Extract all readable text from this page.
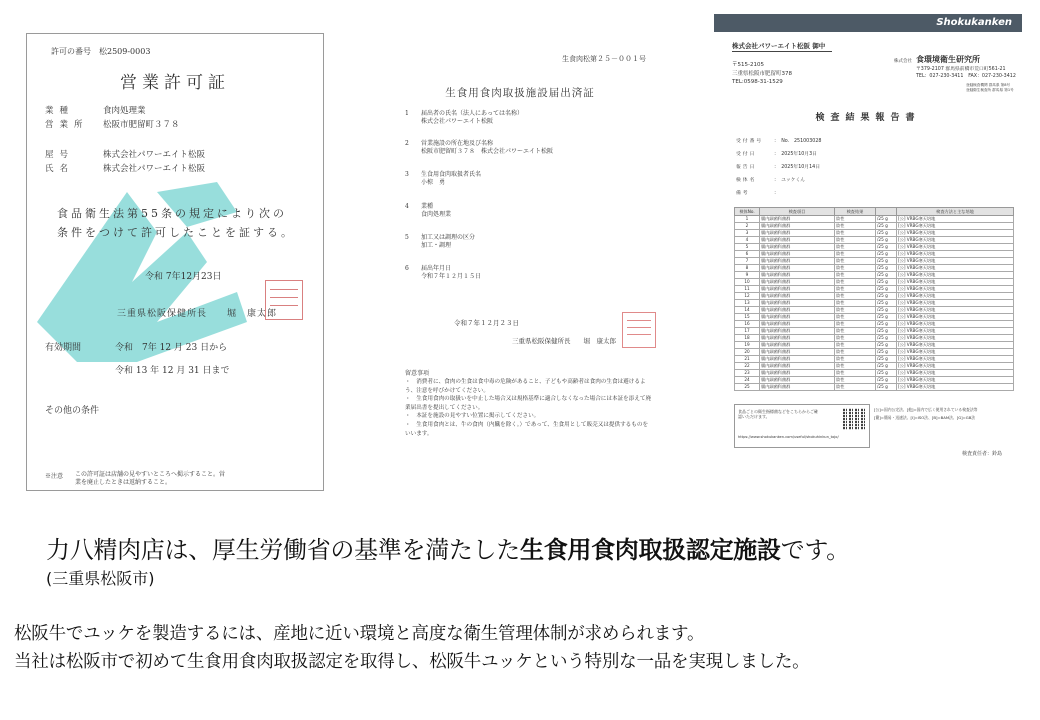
許可の番号　松2509-0003
営業許可証
業種	食肉処理業
営業所	松阪市肥留町３７８
屋号	株式会社パワーエイト松阪
氏名	株式会社パワーエイト松阪
食品衛生法第55条の規定により次の
条件をつけて許可したことを証する。
令和 7年12月23日
三重県松阪保健所長　　堀　康太郎
有効期間	令和　7年 12 月 23 日から
令和 13 年 12 月 31 日まで
その他の条件
※注意 この許可証は店舗の見やすいところへ掲示すること。営業を廃止したときは返納すること。
生食肉松第２５－００１号
生食用食肉取扱施設届出済証
1 届出者の氏名（法人にあっては名称）
株式会社パワーエイト松阪
2 営業施設の所在地及び名称
松阪市肥留町３７８　株式会社パワーエイト松阪
3 生食用食肉取扱者氏名
小椋　勇
4 業種
食肉処理業
5 加工又は調理の区分
加工・調理
6 届出年月日
令和７年１２月１５日
令和７年１２月２３日
三重県松阪保健所長　　堀　康太郎
留意事項
・　消費者に、食肉の生食は食中毒の危険があること、子どもや高齢者は食肉の生食は避けるよう、注意を呼びかけてください。
・　生食用食肉の取扱いを中止した場合又は規格基準に適合しなくなった場合には本証を添えて廃業届出書を提出してください。
・　本証を施設の見やすい位置に掲示してください。
・　生食用食肉とは、牛の食肉（内臓を除く。）であって、生食用として販売又は提供するものをいいます。
Shokukanken
株式会社パワーエイト松阪 御中
〒515-2105
三重県松阪市肥留町378
TEL:0598-31-1529
株式会社 食環境衛生研究所
〒379-2107 群馬県前橋市荒口町561-21
TEL：027-230-3411　FAX：027-230-3412
登録検査機関 群馬県 第8号
登録衛生検査所 群馬県 第1号
検査結果報告書
受付番号 ：　No.　251003028
受付日	：　2025年10月3日
報告日	：　2025年10月14日
検体名	：　ユッケくん
備考	：　
検体No.	検査項目	検査結果		検査方法と主な培地
1	腸内細菌科菌群	陰性	/25 g	[公] VRBG寒天培地
2	腸内細菌科菌群	陰性	/25 g	[公] VRBG寒天培地
3	腸内細菌科菌群	陰性	/25 g	[公] VRBG寒天培地
4	腸内細菌科菌群	陰性	/25 g	[公] VRBG寒天培地
5	腸内細菌科菌群	陰性	/25 g	[公] VRBG寒天培地
6	腸内細菌科菌群	陰性	/25 g	[公] VRBG寒天培地
7	腸内細菌科菌群	陰性	/25 g	[公] VRBG寒天培地
8	腸内細菌科菌群	陰性	/25 g	[公] VRBG寒天培地
9	腸内細菌科菌群	陰性	/25 g	[公] VRBG寒天培地
10	腸内細菌科菌群	陰性	/25 g	[公] VRBG寒天培地
11	腸内細菌科菌群	陰性	/25 g	[公] VRBG寒天培地
12	腸内細菌科菌群	陰性	/25 g	[公] VRBG寒天培地
13	腸内細菌科菌群	陰性	/25 g	[公] VRBG寒天培地
14	腸内細菌科菌群	陰性	/25 g	[公] VRBG寒天培地
15	腸内細菌科菌群	陰性	/25 g	[公] VRBG寒天培地
16	腸内細菌科菌群	陰性	/25 g	[公] VRBG寒天培地
17	腸内細菌科菌群	陰性	/25 g	[公] VRBG寒天培地
18	腸内細菌科菌群	陰性	/25 g	[公] VRBG寒天培地
19	腸内細菌科菌群	陰性	/25 g	[公] VRBG寒天培地
20	腸内細菌科菌群	陰性	/25 g	[公] VRBG寒天培地
21	腸内細菌科菌群	陰性	/25 g	[公] VRBG寒天培地
22	腸内細菌科菌群	陰性	/25 g	[公] VRBG寒天培地
23	腸内細菌科菌群	陰性	/25 g	[公] VRBG寒天培地
24	腸内細菌科菌群	陰性	/25 g	[公] VRBG寒天培地
25	腸内細菌科菌群	陰性	/25 g	[公] VRBG寒天培地
食品ごとの衛生指標菌などをこちらからご確認いただけます。
https://www.shokukanken.com/useful/shokuhinkun_tojo/
[公]=国内公定法、[他]=国内で広く使用されている検査法等
[簡]=簡易・迅速法、[I]=ISO法、[B]=BAM法、[G]=GB法
検査責任者：鈴島
力八精肉店は、厚生労働省の基準を満たした生食用食肉取扱認定施設です。
(三重県松阪市)
松阪牛でユッケを製造するには、産地に近い環境と高度な衛生管理体制が求められます。
当社は松阪市で初めて生食用食肉取扱認定を取得し、松阪牛ユッケという特別な一品を実現しました。
